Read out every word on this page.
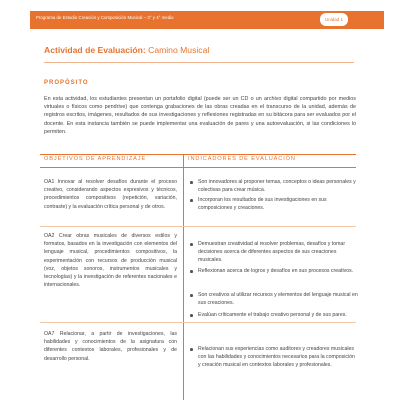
Programa de Estudio Creación y Composición Musical – 3° y 4° medio	Unidad 1
Actividad de Evaluación: Camino Musical
PROPÓSITO
En esta actividad, los estudiantes presentan un portafolio digital (puede ser un CD o un archivo digital compartido por medios virtuales o físicos como pendrive) que contenga grabaciones de las obras creadas en el transcurso de la unidad, además de registros escritos, imágenes, resultados de sus investigaciones y reflexiones registradas en su bitácora para ser evaluados por el docente. En esta instancia también se puede implementar una evaluación de pares y una autoevaluación, si las condiciones lo permiten.
OBJETIVOS DE APRENDIZAJE	INDICADORES DE EVALUACIÓN
OA1 Innovar al resolver desafíos durante el proceso creativo, considerando aspectos expresivos y técnicos, procedimientos compositivos (repetición, variación, contraste) y la evaluación crítica personal y de otros.
OA2 Crear obras musicales de diversos estilos y formatos, basados en la investigación con elementos del lenguaje musical, procedimientos compositivos, la experimentación con recursos de producción musical (voz, objetos sonoros, instrumentos musicales y tecnologías) y la investigación de referentes nacionales e internacionales.
OA7 Relacionar, a partir de investigaciones, las habilidades y conocimientos de la asignatura con diferentes contextos laborales, profesionales y de desarrollo personal.
Son innovadores al proponer temas, conceptos o ideas personales y colectivas para crear música.
Incorporan los resultados de sus investigaciones en sus composiciones y creaciones.
Demuestran creatividad al resolver problemas, desafíos y tomar decisiones acerca de diferentes aspectos de sus creaciones musicales.
Reflexionan acerca de logros y desafíos en sus procesos creativos.
Son creativos al utilizar recursos y elementos del lenguaje musical en sus creaciones.
Evalúan críticamente el trabajo creativo personal y de sus pares.
Relacionan sus experiencias como auditores y creadores musicales con las habilidades y conocimientos necesarios para la composición y creación musical en contextos laborales y profesionales.
